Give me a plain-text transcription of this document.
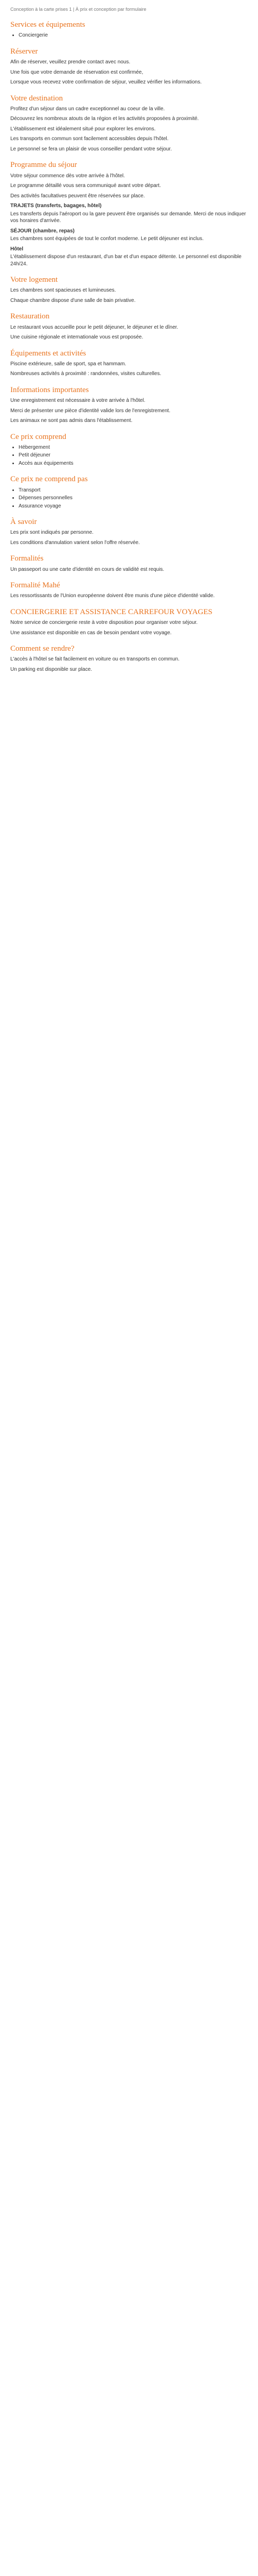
Conception à la carte prises 1 | À prix et conception par formulaire
Services et équipements
• Conciergerie
Réserver

Afin de réserver, veuillez prendre contact avec nous.

Une fois que votre demande de réservation est confirmée,

Lorsque vous recevez votre confirmation de séjour, veuillez vérifier les informations.

Votre destination

Profitez d'un séjour dans un cadre exceptionnel au coeur de la ville.

Découvrez les nombreux atouts de la région et les activités proposées à proximité.

L'établissement est idéalement situé pour explorer les environs.

Les transports en commun sont facilement accessibles depuis l'hôtel.

Le personnel se fera un plaisir de vous conseiller pendant votre séjour.

Programme du séjour

Votre séjour commence dès votre arrivée à l'hôtel.

Le programme détaillé vous sera communiqué avant votre départ.

Des activités facultatives peuvent être réservées sur place.

TRAJETS (transferts, bagages, hôtel)

Les transferts depuis l'aéroport ou la gare peuvent être organisés sur demande. Merci de nous indiquer vos horaires d'arrivée.

SÉJOUR (chambre, repas)

Les chambres sont équipées de tout le confort moderne. Le petit déjeuner est inclus.

Hôtel

L'établissement dispose d'un restaurant, d'un bar et d'un espace détente. Le personnel est disponible 24h/24.

Votre logement

Les chambres sont spacieuses et lumineuses.

Chaque chambre dispose d'une salle de bain privative.

Restauration

Le restaurant vous accueille pour le petit déjeuner, le déjeuner et le dîner.

Une cuisine régionale et internationale vous est proposée.

Équipements et activités

Piscine extérieure, salle de sport, spa et hammam.

Nombreuses activités à proximité : randonnées, visites culturelles.

Informations importantes

Une enregistrement est nécessaire à votre arrivée à l'hôtel.

Merci de présenter une pièce d'identité valide lors de l'enregistrement.

Les animaux ne sont pas admis dans l'établissement.

Ce prix comprend
• Hébergement
• Petit déjeuner
• Accès aux équipements
Ce prix ne comprend pas
• Transport
• Dépenses personnelles
• Assurance voyage
À savoir

Les prix sont indiqués par personne.

Les conditions d'annulation varient selon l'offre réservée.

Formalités

Un passeport ou une carte d'identité en cours de validité est requis.

Formalité Mahé

Les ressortissants de l'Union européenne doivent être munis d'une pièce d'identité valide.

CONCIERGERIE ET ASSISTANCE CARREFOUR VOYAGES

Notre service de conciergerie reste à votre disposition pour organiser votre séjour.

Une assistance est disponible en cas de besoin pendant votre voyage.

Comment se rendre?

L'accès à l'hôtel se fait facilement en voiture ou en transports en commun.

Un parking est disponible sur place.
